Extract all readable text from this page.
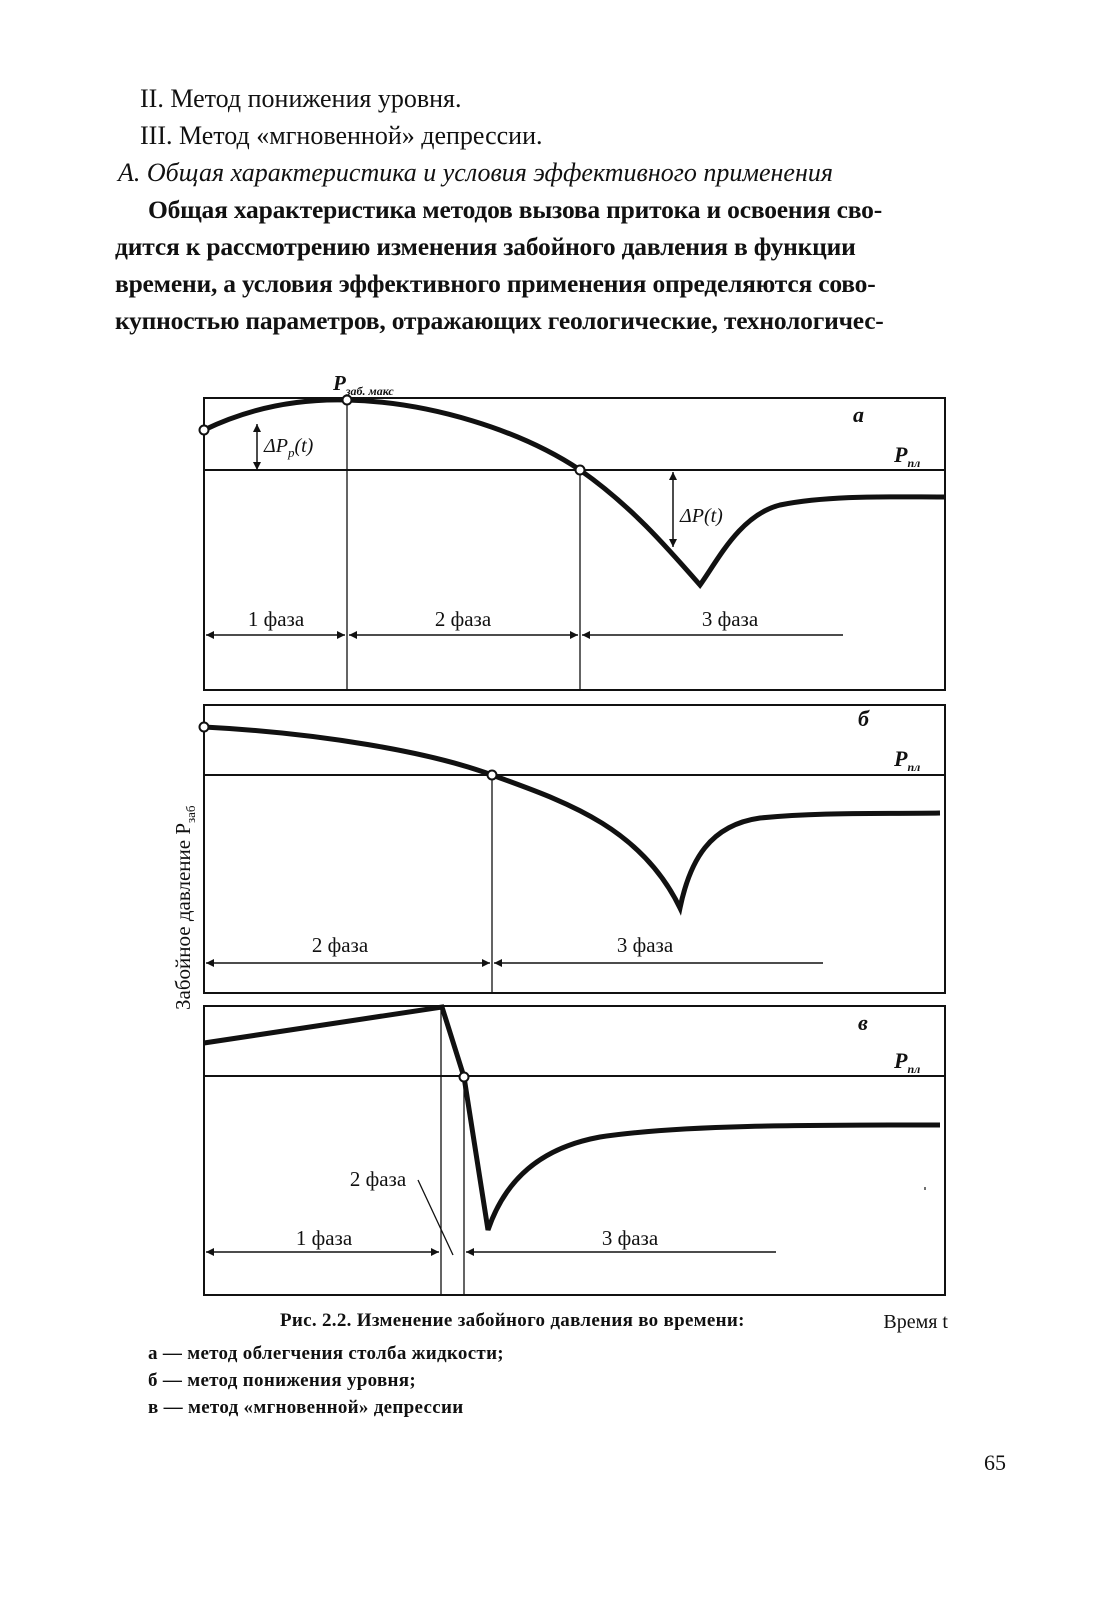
II. Метод понижения уровня.
III. Метод «мгновенной» депрессии.
А. Общая характеристика и условия эффективного применения
Общая характеристика методов вызова притока и освоения сво-
дится к рассмотрению изменения забойного давления в функции
времени, а условия эффективного применения определяются сово-
купностью параметров, отражающих геологические, технологичес-
$P_{заб. макс}$
а
$P_{пл}$
$\Delta P_р(t)$
ΔP(t)
1 фаза	2 фаза	3 фаза
б
$P_{пл}$
2 фаза	3 фаза
в
$P_{пл}$
2 фаза
1 фаза	3 фаза
Забойное давление $P_{заб}$
Время t
Рис. 2.2. Изменение забойного давления во времени:
а — метод облегчения столба жидкости;
б — метод понижения уровня;
в — метод «мгновенной» депрессии
65
